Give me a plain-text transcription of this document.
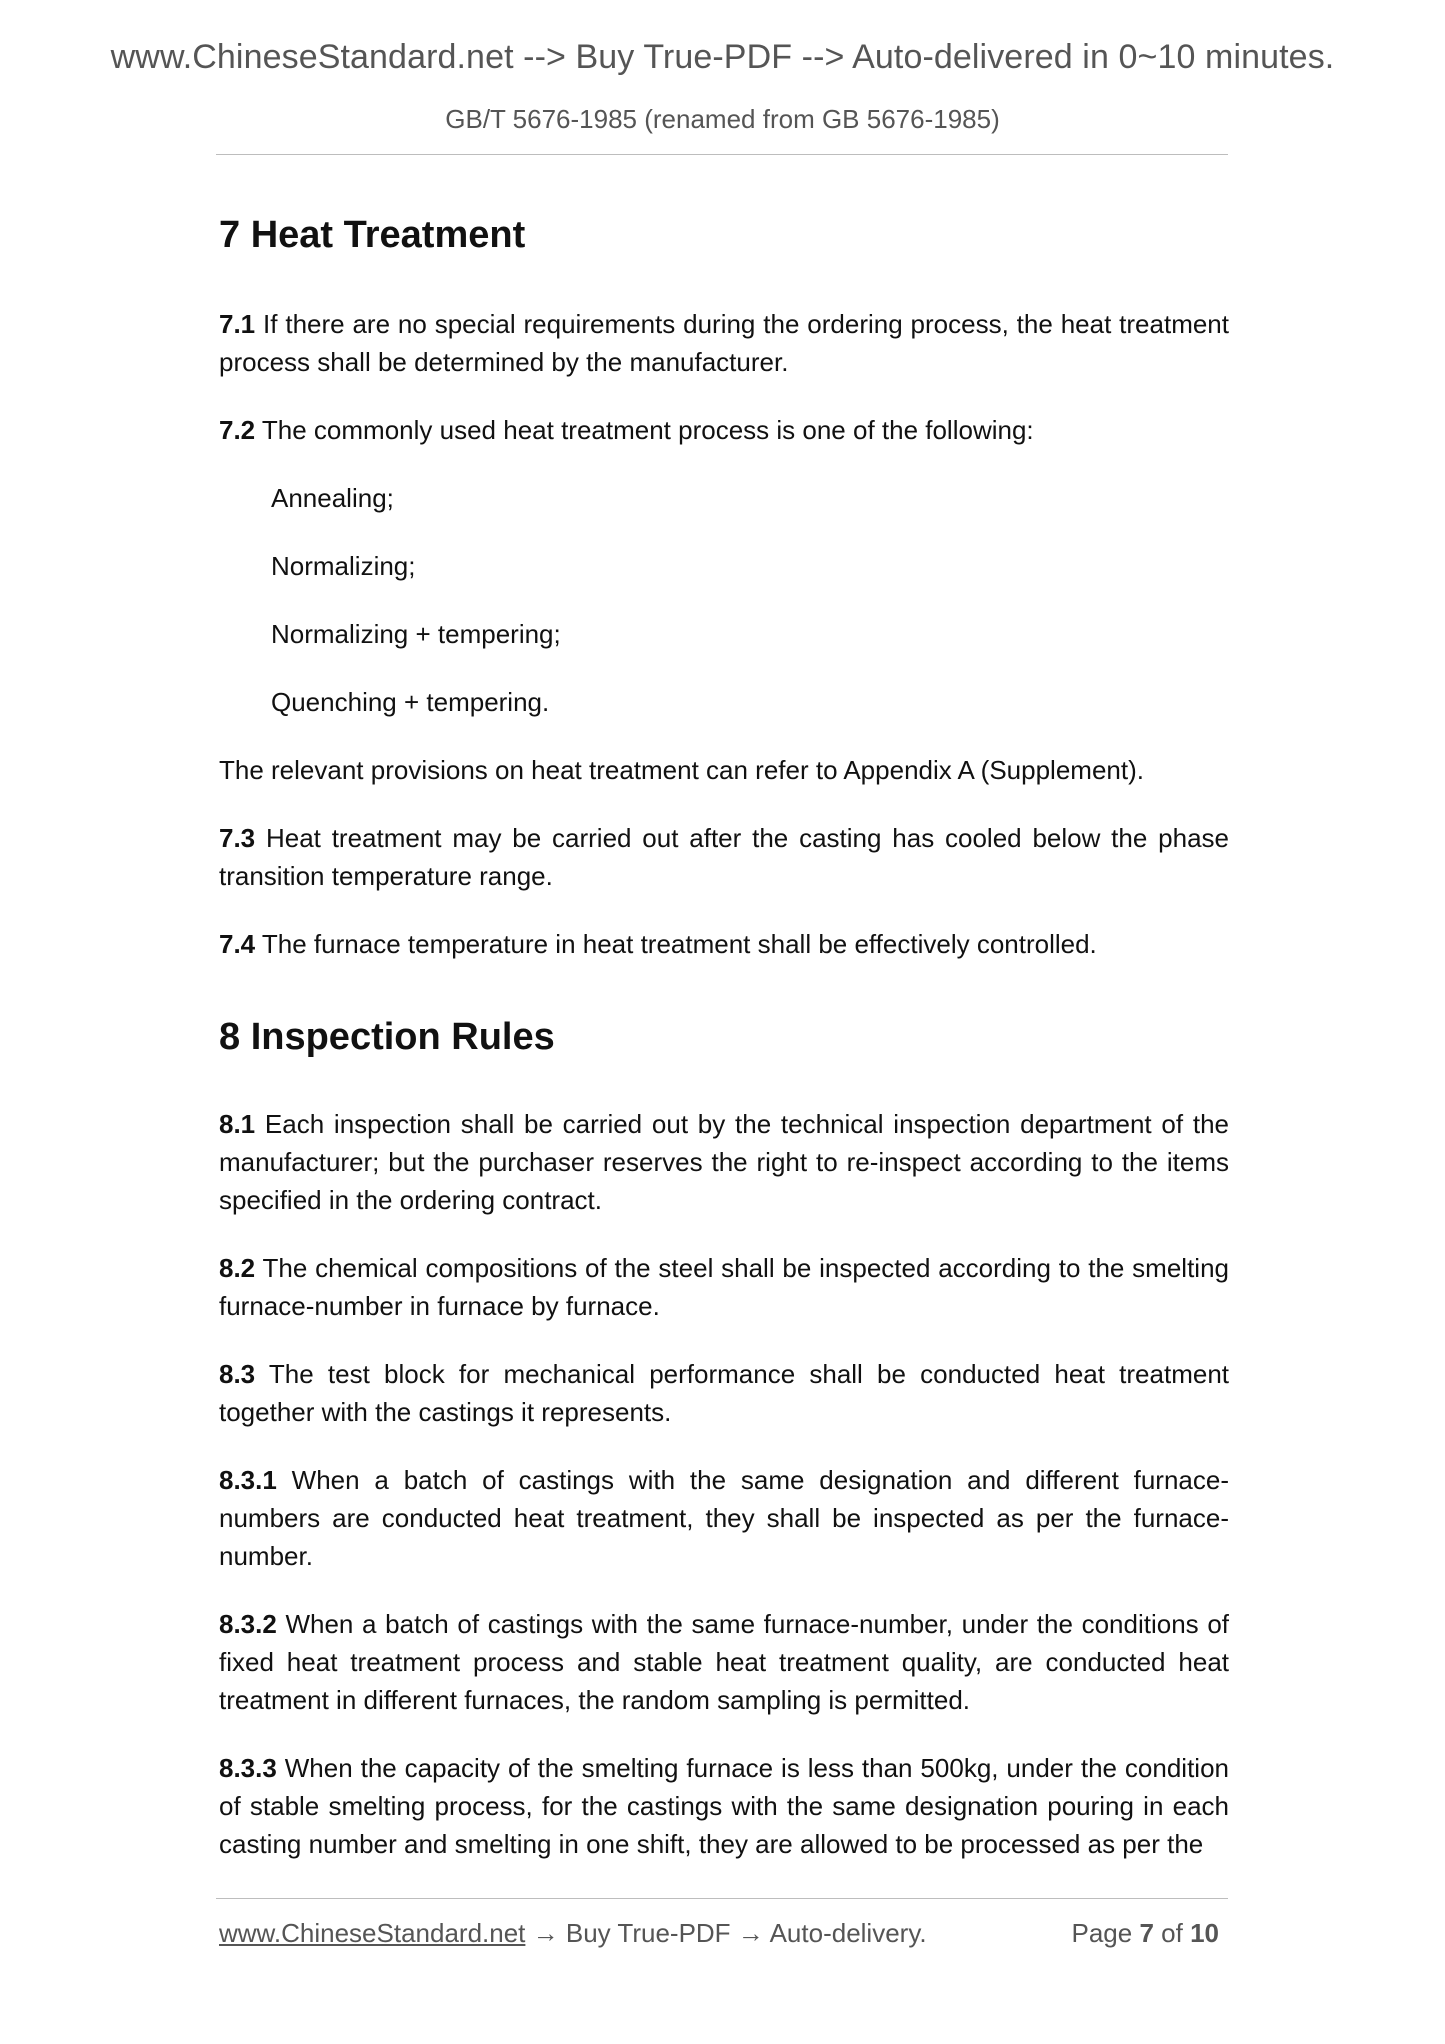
www.ChineseStandard.net --> Buy True-PDF --> Auto-delivered in 0~10 minutes.
GB/T 5676-1985 (renamed from GB 5676-1985)
7 Heat Treatment

7.1 If there are no special requirements during the ordering process, the heat treatment process shall be determined by the manufacturer.

7.2 The commonly used heat treatment process is one of the following:

Annealing;

Normalizing;

Normalizing + tempering;

Quenching + tempering.

The relevant provisions on heat treatment can refer to Appendix A (Supplement).

7.3 Heat treatment may be carried out after the casting has cooled below the phase transition temperature range.

7.4 The furnace temperature in heat treatment shall be effectively controlled.

8 Inspection Rules

8.1 Each inspection shall be carried out by the technical inspection department of the manufacturer; but the purchaser reserves the right to re-inspect according to the items specified in the ordering contract.

8.2 The chemical compositions of the steel shall be inspected according to the smelting furnace-number in furnace by furnace.

8.3 The test block for mechanical performance shall be conducted heat treatment together with the castings it represents.

8.3.1 When a batch of castings with the same designation and different furnace-numbers are conducted heat treatment, they shall be inspected as per the furnace-number.

8.3.2 When a batch of castings with the same furnace-number, under the conditions of fixed heat treatment process and stable heat treatment quality, are conducted heat treatment in different furnaces, the random sampling is permitted.

8.3.3 When the capacity of the smelting furnace is less than 500kg, under the condition of stable smelting process, for the castings with the same designation pouring in each casting number and smelting in one shift, they are allowed to be processed as per the

www.ChineseStandard.net → Buy True-PDF → Auto-delivery.	Page 7 of 10
